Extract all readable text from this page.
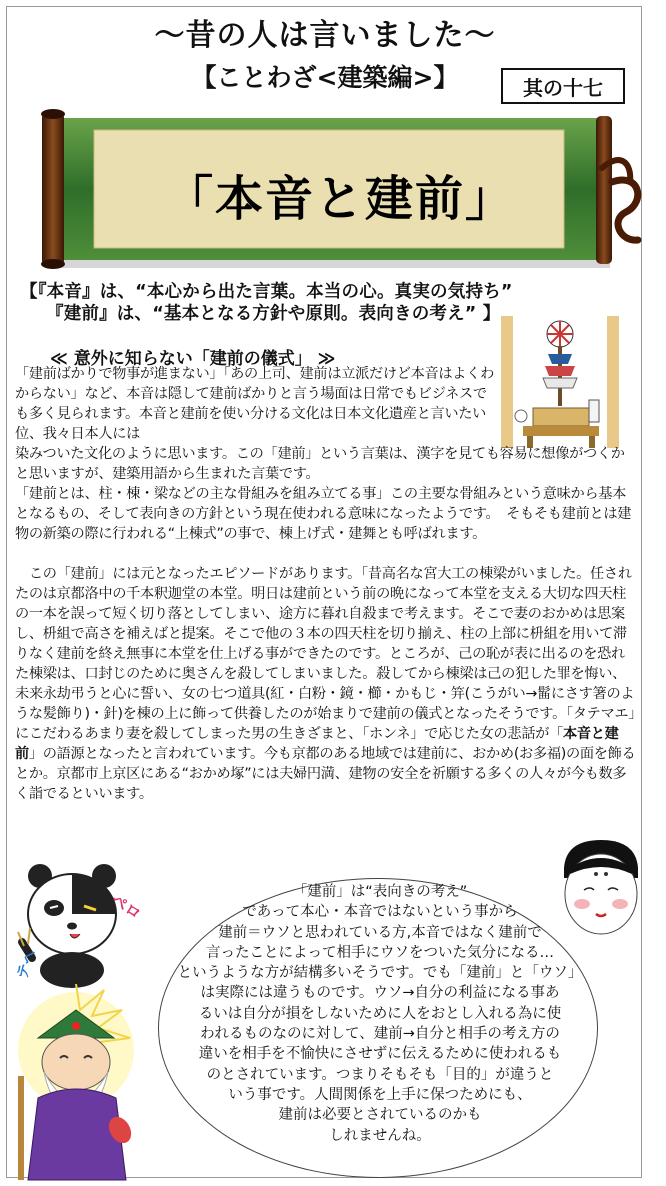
〜昔の人は言いました〜
【ことわざ<建築編>】	其の十七
「本音と建前」
【『本音』は、“本心から出た言葉。本当の心。真実の気持ち”
『建前』は、“基本となる方針や原則。表向きの考え” 】
≪ 意外に知らない「建前の儀式」 ≫
「建前ばかりで物事が進まない」「あの上司、建前は立派だけど本音はよくわからない」など、本音は隠して建前ばかりと言う場面は日常でもビジネスでも多く見られます。本音と建前を使い分ける文化は日本文化遺産と言いたい位、我々日本人には
染みついた文化のように思います。この「建前」という言葉は、漢字を見ても容易に想像がつくかと思いますが、建築用語から生まれた言葉です。
「建前とは、柱・棟・梁などの主な骨組みを組み立てる事」この主要な骨組みという意味から基本となるもの、そして表向きの方針という現在使われる意味になったようです。　そもそも建前とは建物の新築の際に行われる“上棟式”の事で、棟上げ式・建舞とも呼ばれます。
　この「建前」には元となったエピソードがあります。「昔高名な宮大工の棟梁がいました。任されたのは京都洛中の千本釈迦堂の本堂。明日は建前という前の晩になって本堂を支える大切な四天柱の一本を誤って短く切り落としてしまい、途方に暮れ自殺まで考えます。そこで妻のおかめは思案し、枡組で高さを補えばと提案。そこで他の３本の四天柱を切り揃え、柱の上部に枡組を用いて滞りなく建前を終え無事に本堂を仕上げる事ができたのです。ところが、己の恥が表に出るのを恐れた棟梁は、口封じのために奥さんを殺してしまいました。殺してから棟梁は己の犯した罪を悔い、未来永劫弔うと心に誓い、女の七つ道具(紅・白粉・鏡・櫛・かもじ・笄(こうがい→髷にさす箸のような髪飾り)・針)を棟の上に飾って供養したのが始まりで建前の儀式となったそうです。「タテマエ」にこだわるあまり妻を殺してしまった男の生きざまと、「ホンネ」で応じた女の悲話が「本音と建前」の語源となったと言われています。今も京都のある地域では建前に、おかめ(お多福)の面を飾るとか。京都市上京区にある“おかめ塚”には夫婦円満、建物の安全を祈願する多くの人々が今も数多く詣でるといいます。
「建前」は“表向きの考え”
であって本心・本音ではないという事から
建前＝ウソと思われている方,本音ではなく建前で
言ったことによって相手にウソをついた気分になる…
というような方が結構多いそうです。でも「建前」と「ウソ」
は実際には違うものです。ウソ→自分の利益になる事あ
るいは自分が損をしないために人をおとし入れる為に使
われるものなのに対して、建前→自分と相手の考え方の
違いを相手を不愉快にさせずに伝えるために使われるも
のとされています。つまりそもそも「目的」が違うと
いう事です。人間関係を上手に保つためにも、
建前は必要とされているのかも
しれませんね。
ペロ
テヘ
